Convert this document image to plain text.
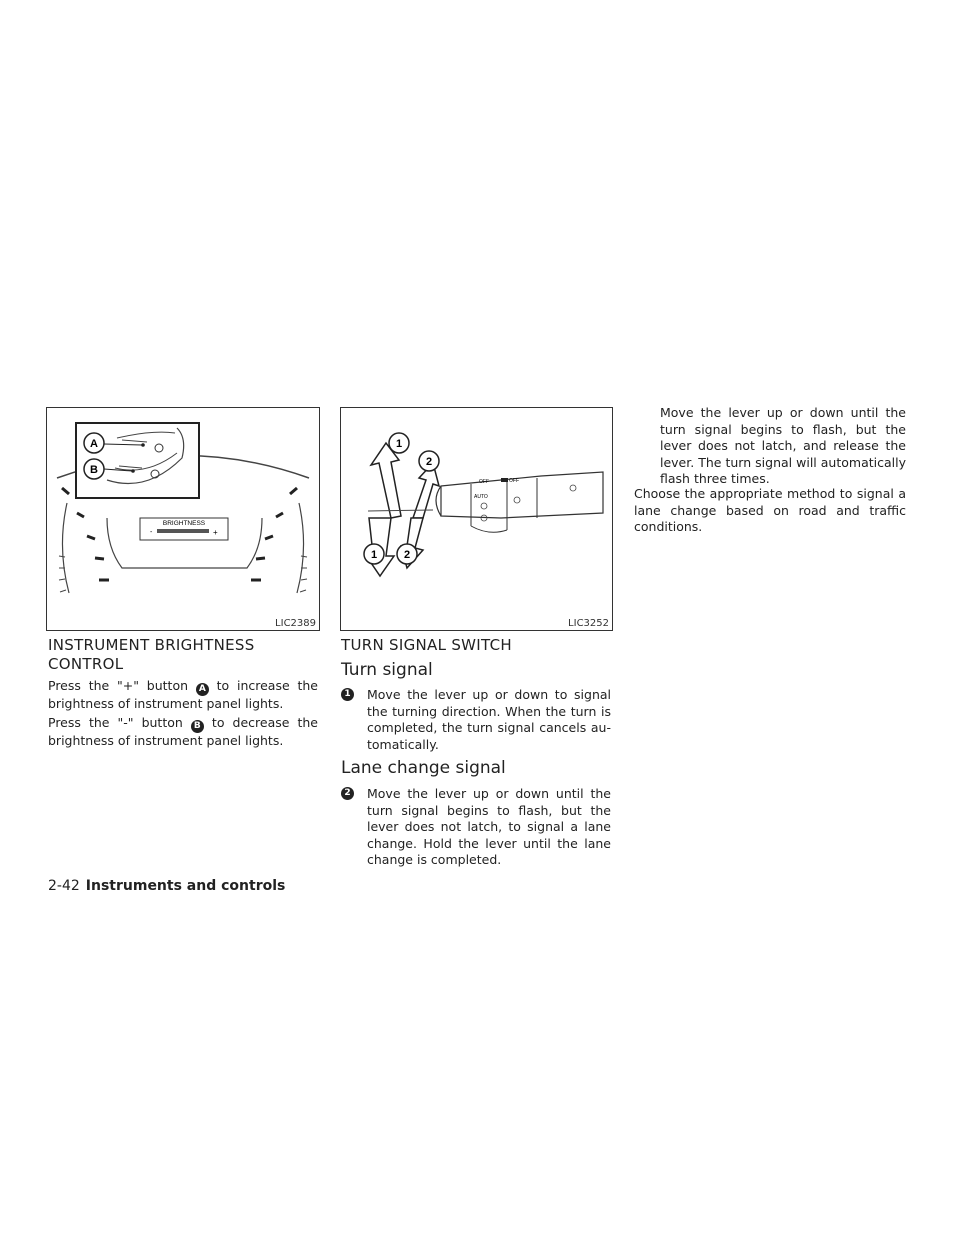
BRIGHTNESS
-	+
A
B
LIC2389
OFF	OFF
AUTO
1
2
1 2
LIC3252
INSTRUMENT BRIGHTNESS
CONTROL
Press the "+" button A to increase the brightness of instrument panel lights.
Press the "-" button B to decrease the brightness of instrument panel lights.
TURN SIGNAL SWITCH
Turn signal
1 Move the lever up or down to signal the turning direction. When the turn is completed, the turn signal cancels au-tomatically.
Lane change signal
2 Move the lever up or down until the turn signal begins to flash, but the lever does not latch, to signal a lane change. Hold the lever until the lane change is completed.
Move the lever up or down until the turn signal begins to flash, but the lever does not latch, and release the lever. The turn signal will automatically flash three times.
Choose the appropriate method to signal a lane change based on road and traffic conditions.
2-42 Instruments and controls
